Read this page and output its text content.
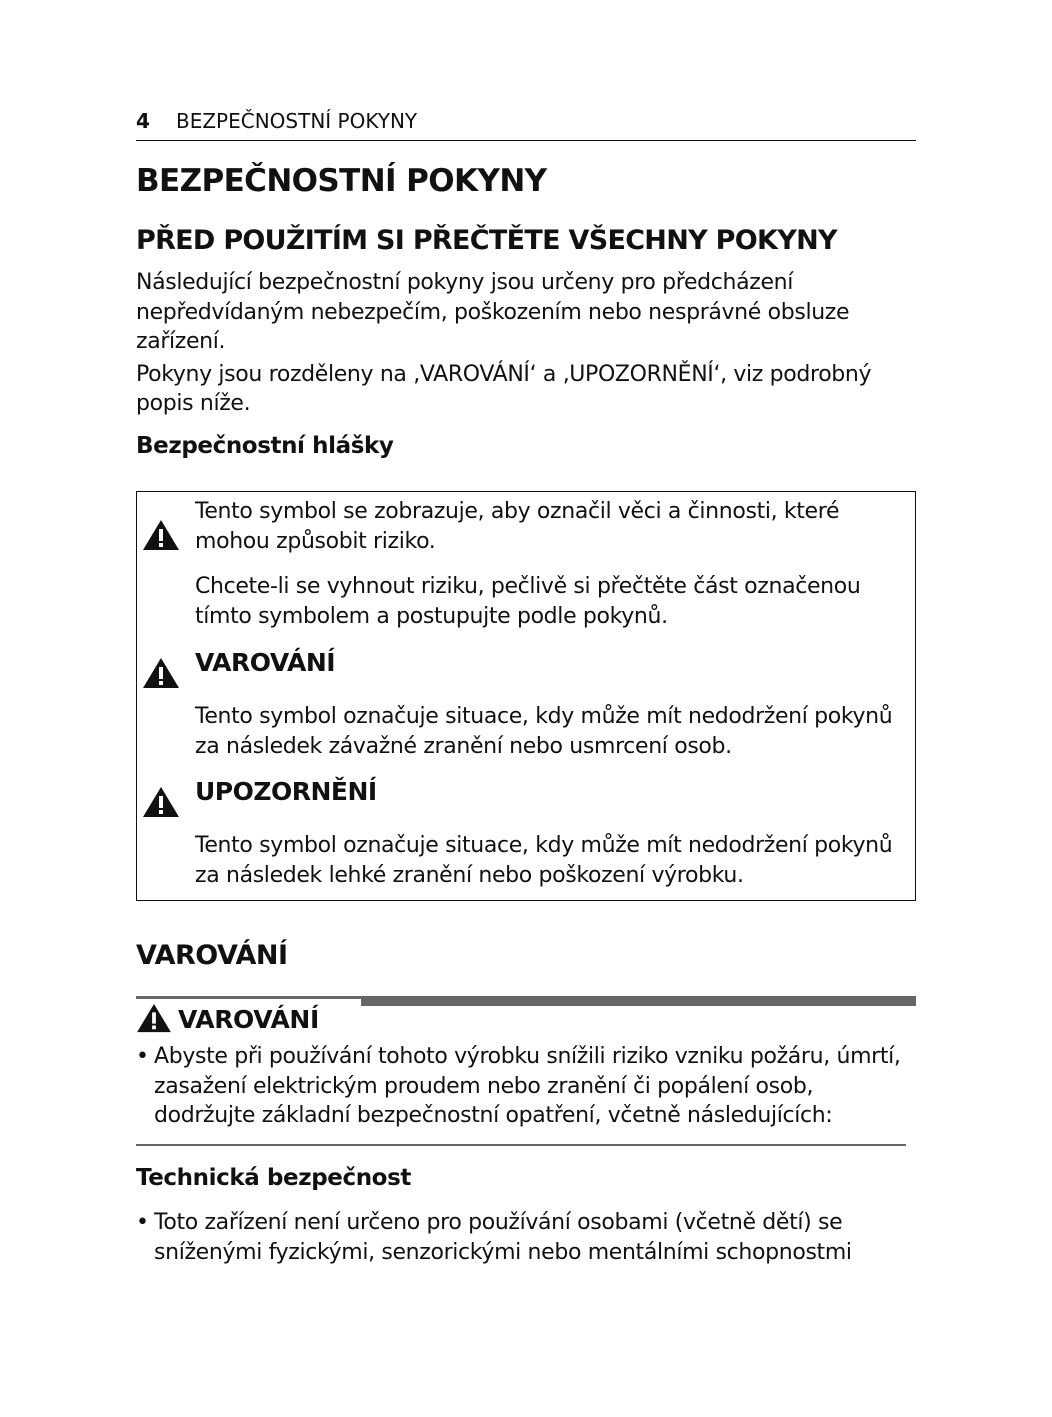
4 BEZPEČNOSTNÍ POKYNY
BEZPEČNOSTNÍ POKYNY
PŘED POUŽITÍM SI PŘEČTĚTE VŠECHNY POKYNY

Následující bezpečnostní pokyny jsou určeny pro předcházení nepředvídaným nebezpečím, poškozením nebo nesprávné obsluze zařízení.

Pokyny jsou rozděleny na ‚VAROVÁNÍ‘ a ‚UPOZORNĚNÍ‘, viz podrobný popis níže.

Bezpečnostní hlášky
Tento symbol se zobrazuje, aby označil věci a činnosti, které mohou způsobit riziko.
Chcete-li se vyhnout riziku, pečlivě si přečtěte část označenou tímto symbolem a postupujte podle pokynů.
VAROVÁNÍ
Tento symbol označuje situace, kdy může mít nedodržení pokynů za následek závažné zranění nebo usmrcení osob.
UPOZORNĚNÍ
Tento symbol označuje situace, kdy může mít nedodržení pokynů za následek lehké zranění nebo poškození výrobku.
VAROVÁNÍ
VAROVÁNÍ
• Abyste při používání tohoto výrobku snížili riziko vzniku požáru, úmrtí, zasažení elektrickým proudem nebo zranění či popálení osob, dodržujte základní bezpečnostní opatření, včetně následujících:
Technická bezpečnost
• Toto zařízení není určeno pro používání osobami (včetně dětí) se sníženými fyzickými, senzorickými nebo mentálními schopnostmi
